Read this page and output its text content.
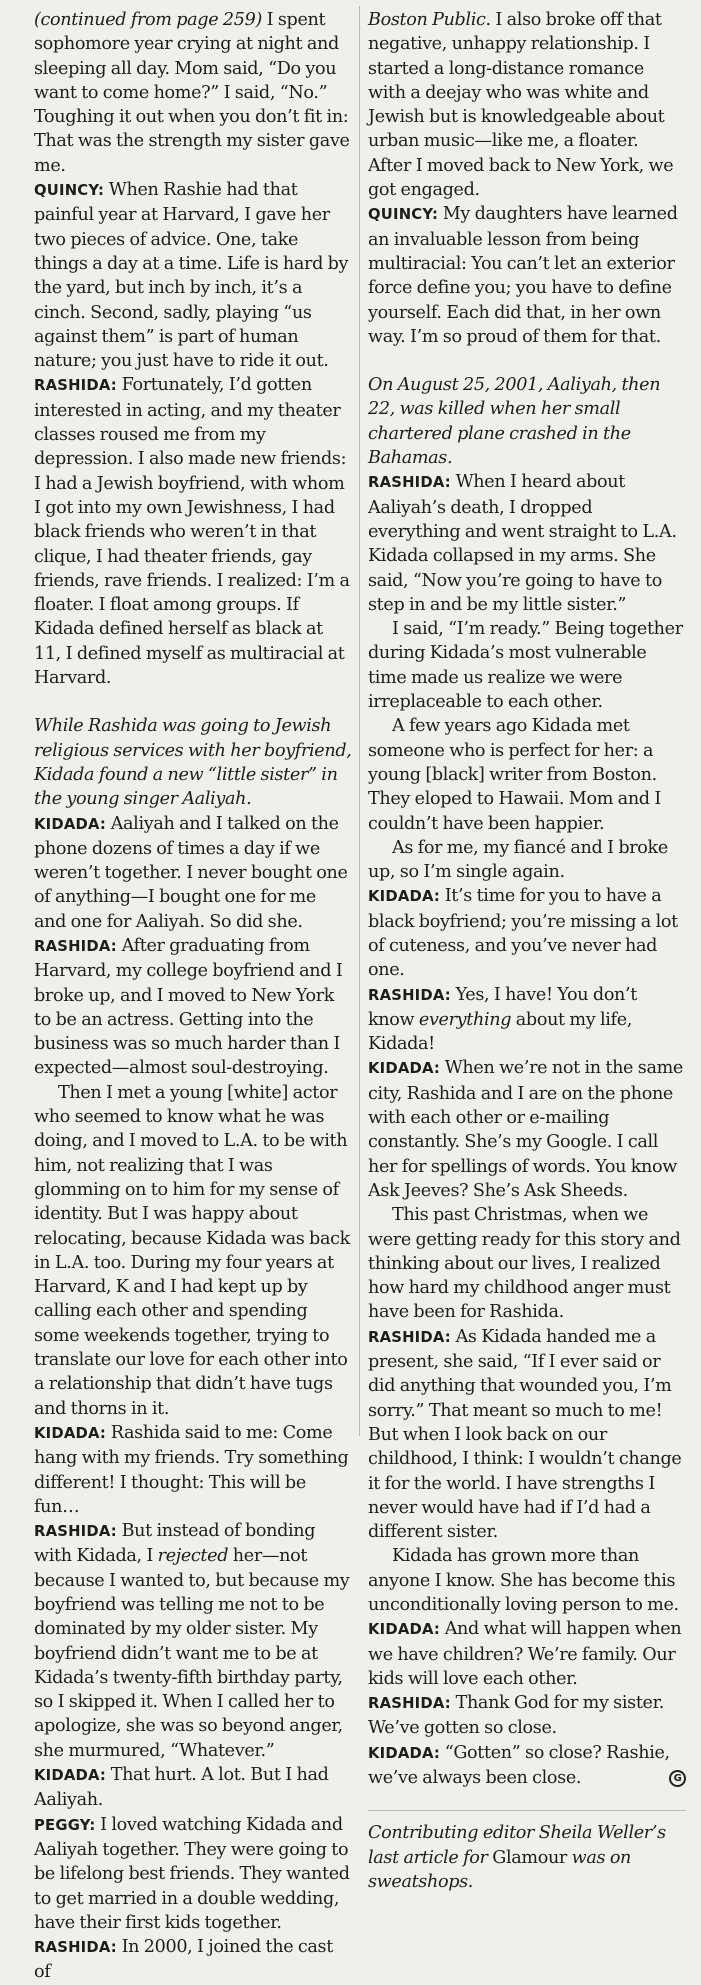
(continued from page 259) I spent sophomore year crying at night and sleeping all day. Mom said, “Do you want to come home?” I said, “No.” Toughing it out when you don’t fit in: That was the strength my sister gave me.

QUINCY: When Rashie had that painful year at Harvard, I gave her two pieces of advice. One, take things a day at a time. Life is hard by the yard, but inch by inch, it’s a cinch. Second, sadly, playing “us against them” is part of human nature; you just have to ride it out.

RASHIDA: Fortunately, I’d gotten interested in acting, and my theater classes roused me from my depression. I also made new friends: I had a Jewish boyfriend, with whom I got into my own Jewishness, I had black friends who weren’t in that clique, I had theater friends, gay friends, rave friends. I realized: I’m a floater. I float among groups. If Kidada defined herself as black at 11, I defined myself as multiracial at Harvard.

While Rashida was going to Jewish religious services with her boyfriend, Kidada found a new “little sister” in the young singer Aaliyah.

KIDADA: Aaliyah and I talked on the phone dozens of times a day if we weren’t together. I never bought one of anything—I bought one for me and one for Aaliyah. So did she.

RASHIDA: After graduating from Harvard, my college boyfriend and I broke up, and I moved to New York to be an actress. Getting into the business was so much harder than I expected—almost soul-destroying.

Then I met a young [white] actor who seemed to know what he was doing, and I moved to L.A. to be with him, not realizing that I was glomming on to him for my sense of identity. But I was happy about relocating, because Kidada was back in L.A. too. During my four years at Harvard, K and I had kept up by calling each other and spending some weekends together, trying to translate our love for each other into a relationship that didn’t have tugs and thorns in it.

KIDADA: Rashida said to me: Come hang with my friends. Try something different! I thought: This will be fun…

RASHIDA: But instead of bonding with Kidada, I rejected her—not because I wanted to, but because my boyfriend was telling me not to be dominated by my older sister. My boyfriend didn’t want me to be at Kidada’s twenty-fifth birthday party, so I skipped it. When I called her to apologize, she was so beyond anger, she murmured, “Whatever.”

KIDADA: That hurt. A lot. But I had Aaliyah.

PEGGY: I loved watching Kidada and Aaliyah together. They were going to be lifelong best friends. They wanted to get married in a double wedding, have their first kids together.

RASHIDA: In 2000, I joined the cast of

Boston Public. I also broke off that negative, unhappy relationship. I started a long-distance romance with a deejay who was white and Jewish but is knowledgeable about urban music—like me, a floater. After I moved back to New York, we got engaged.

QUINCY: My daughters have learned an invaluable lesson from being multiracial: You can’t let an exterior force define you; you have to define yourself. Each did that, in her own way. I’m so proud of them for that.

On August 25, 2001, Aaliyah, then 22, was killed when her small chartered plane crashed in the Bahamas.

RASHIDA: When I heard about Aaliyah’s death, I dropped everything and went straight to L.A. Kidada collapsed in my arms. She said, “Now you’re going to have to step in and be my little sister.”

I said, “I’m ready.” Being together during Kidada’s most vulnerable time made us realize we were irreplaceable to each other.

A few years ago Kidada met someone who is perfect for her: a young [black] writer from Boston. They eloped to Hawaii. Mom and I couldn’t have been happier.

As for me, my fiancé and I broke up, so I’m single again.

KIDADA: It’s time for you to have a black boyfriend; you’re missing a lot of cuteness, and you’ve never had one.

RASHIDA: Yes, I have! You don’t know everything about my life, Kidada!

KIDADA: When we’re not in the same city, Rashida and I are on the phone with each other or e-mailing constantly. She’s my Google. I call her for spellings of words. You know Ask Jeeves? She’s Ask Sheeds.

This past Christmas, when we were getting ready for this story and thinking about our lives, I realized how hard my childhood anger must have been for Rashida.

RASHIDA: As Kidada handed me a present, she said, “If I ever said or did anything that wounded you, I’m sorry.” That meant so much to me! But when I look back on our childhood, I think: I wouldn’t change it for the world. I have strengths I never would have had if I’d had a different sister.

Kidada has grown more than anyone I know. She has become this unconditionally loving person to me.

KIDADA: And what will happen when we have children? We’re family. Our kids will love each other.

RASHIDA: Thank God for my sister. We’ve gotten so close.

KIDADA: “Gotten” so close? Rashie, we’ve always been close.	G

Contributing editor Sheila Weller’s last article for Glamour was on sweatshops.
